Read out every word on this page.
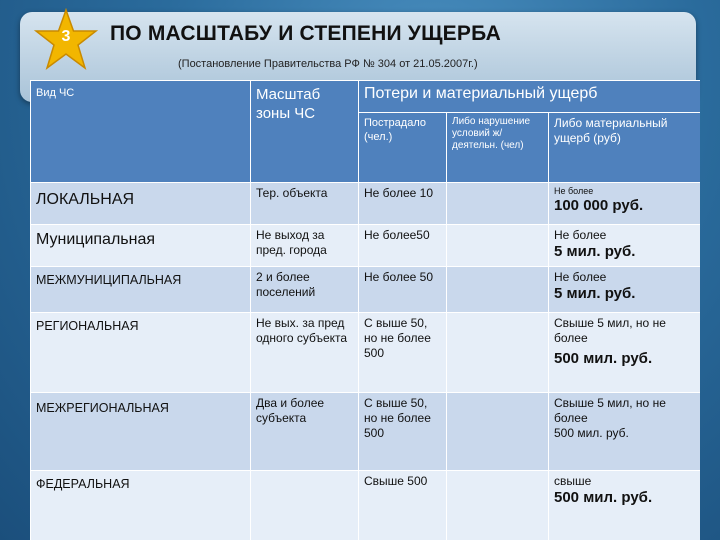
3	ПО МАСШТАБУ И СТЕПЕНИ УЩЕРБА
(Постановление Правительства РФ № 304 от 21.05.2007г.)
Вид ЧС	Масштаб зоны ЧС	Потери и материальный ущерб		
		Пострадало (чел.)	Либо нарушение условий ж/деятельн. (чел)	Либо материальный ущерб (руб)
ЛОКАЛЬНАЯ	Тер. объекта	Не более 10		Не более
100 000 руб.

Муниципальная	Не выход за пред. города	Не более50		Не более
5 мил. руб.

МЕЖМУНИЦИПАЛЬНАЯ	2 и более поселений	Не более 50		Не более
5 мил. руб.

РЕГИОНАЛЬНАЯ	Не вых. за пред одного субъекта	С выше 50, но не более 500		Свыше 5 мил, но не более
500 мил. руб.

МЕЖРЕГИОНАЛЬНАЯ	Два и более субъекта	С выше 50, но не более 500		Свыше 5 мил, но не более
500 мил. руб.

ФЕДЕРАЛЬНАЯ		Свыше 500		свыше
500 мил. руб.
